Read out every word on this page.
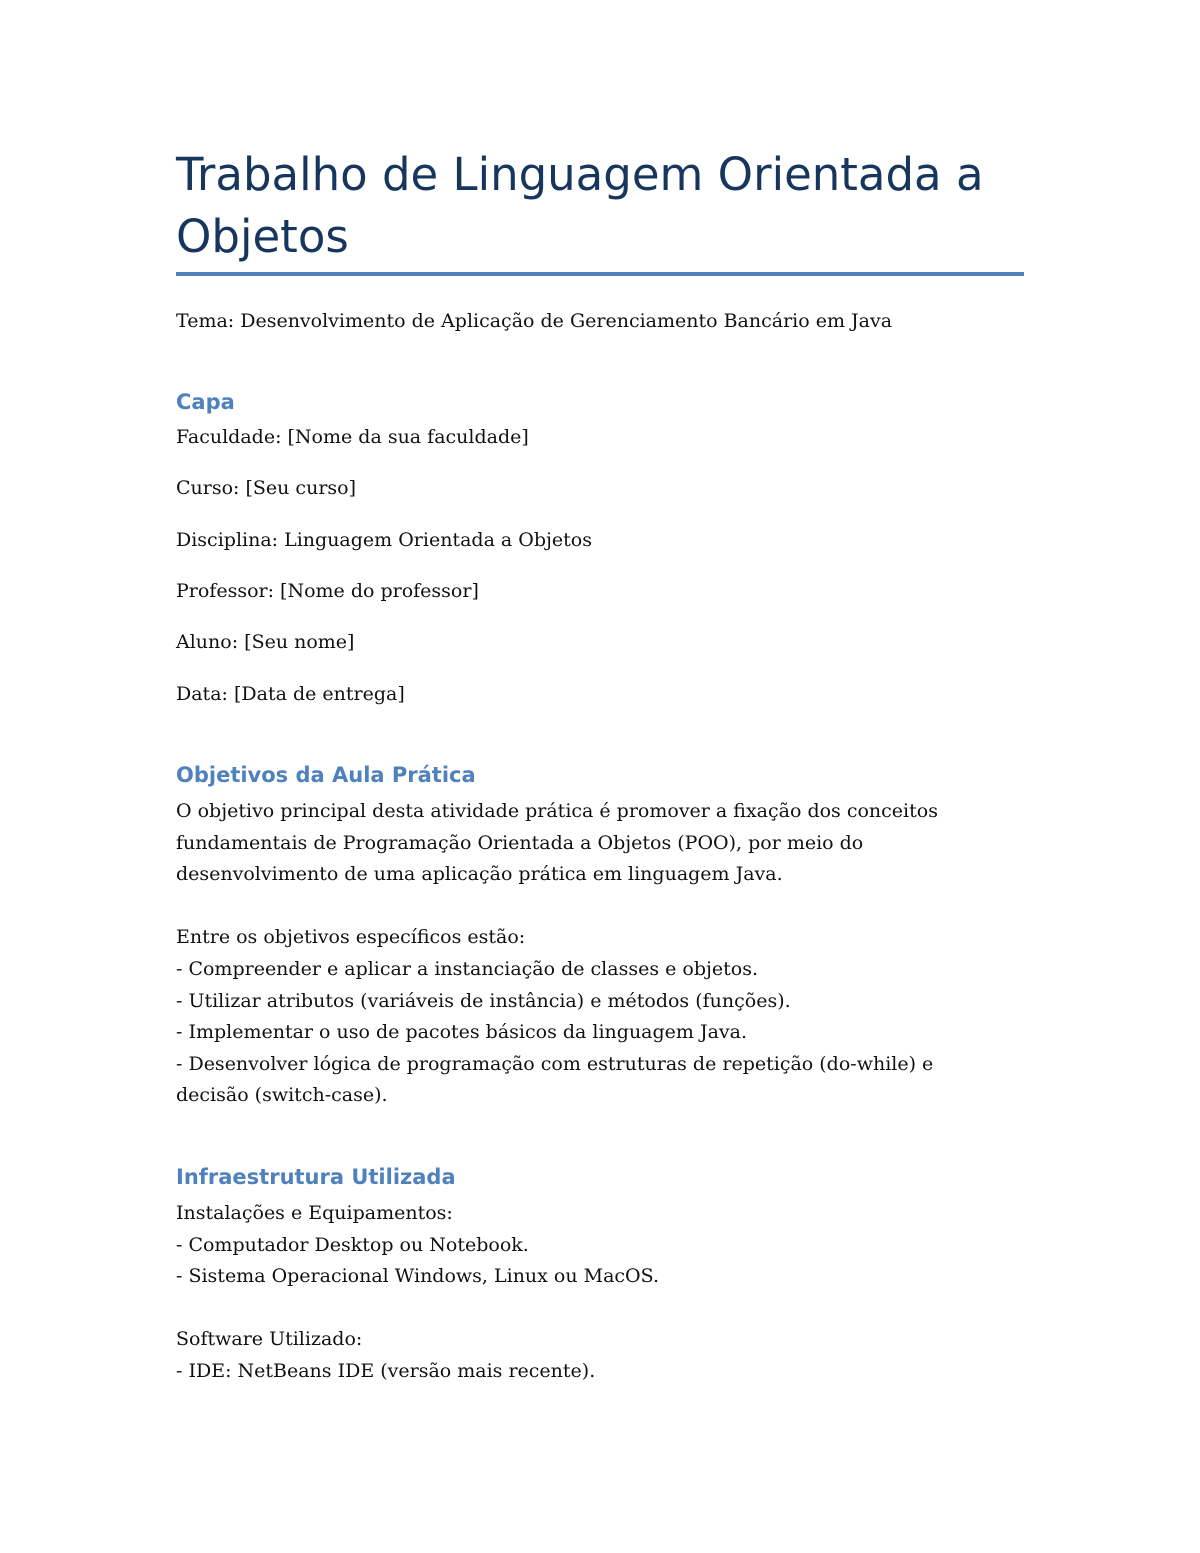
Trabalho de Linguagem Orientada a
Objetos

Tema: Desenvolvimento de Aplicação de Gerenciamento Bancário em Java

Capa

Faculdade: [Nome da sua faculdade]

Curso: [Seu curso]

Disciplina: Linguagem Orientada a Objetos

Professor: [Nome do professor]

Aluno: [Seu nome]

Data: [Data de entrega]

Objetivos da Aula Prática

O objetivo principal desta atividade prática é promover a fixação dos conceitos

fundamentais de Programação Orientada a Objetos (POO), por meio do

desenvolvimento de uma aplicação prática em linguagem Java.

Entre os objetivos específicos estão:

- Compreender e aplicar a instanciação de classes e objetos.

- Utilizar atributos (variáveis de instância) e métodos (funções).

- Implementar o uso de pacotes básicos da linguagem Java.

- Desenvolver lógica de programação com estruturas de repetição (do-while) e

decisão (switch-case).

Infraestrutura Utilizada

Instalações e Equipamentos:

- Computador Desktop ou Notebook.

- Sistema Operacional Windows, Linux ou MacOS.

Software Utilizado:

- IDE: NetBeans IDE (versão mais recente).
